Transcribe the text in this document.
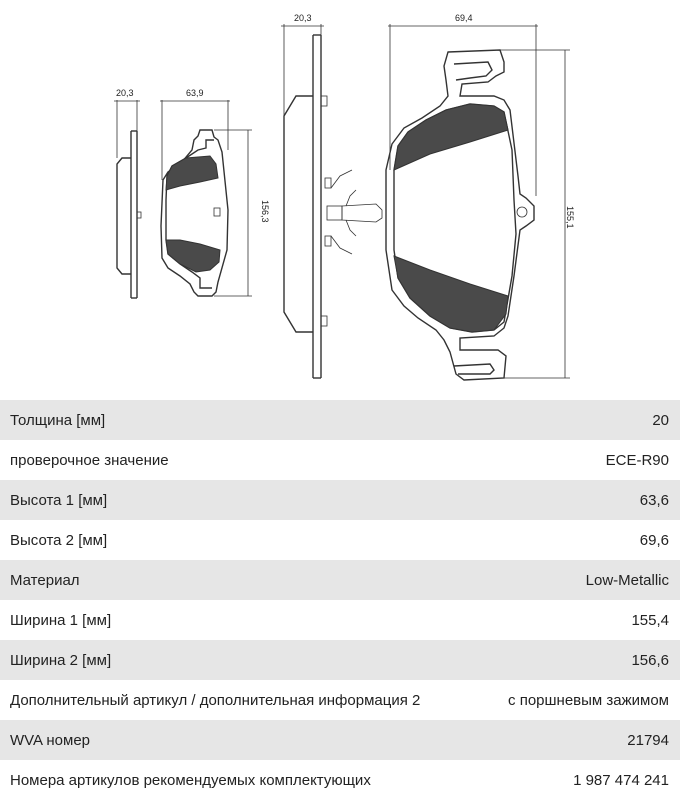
20,3	63,9
156,3
20,3	69,4
155,1
Толщина [мм]	20
проверочное значение	ECE-R90
Высота 1 [мм]	63,6
Высота 2 [мм]	69,6
Материал	Low-Metallic
Ширина 1 [мм]	155,4
Ширина 2 [мм]	156,6
Дополнительный артикул / дополнительная информация 2	с поршневым зажимом
WVA номер	21794
Номера артикулов рекомендуемых комплектующих	1 987 474 241
